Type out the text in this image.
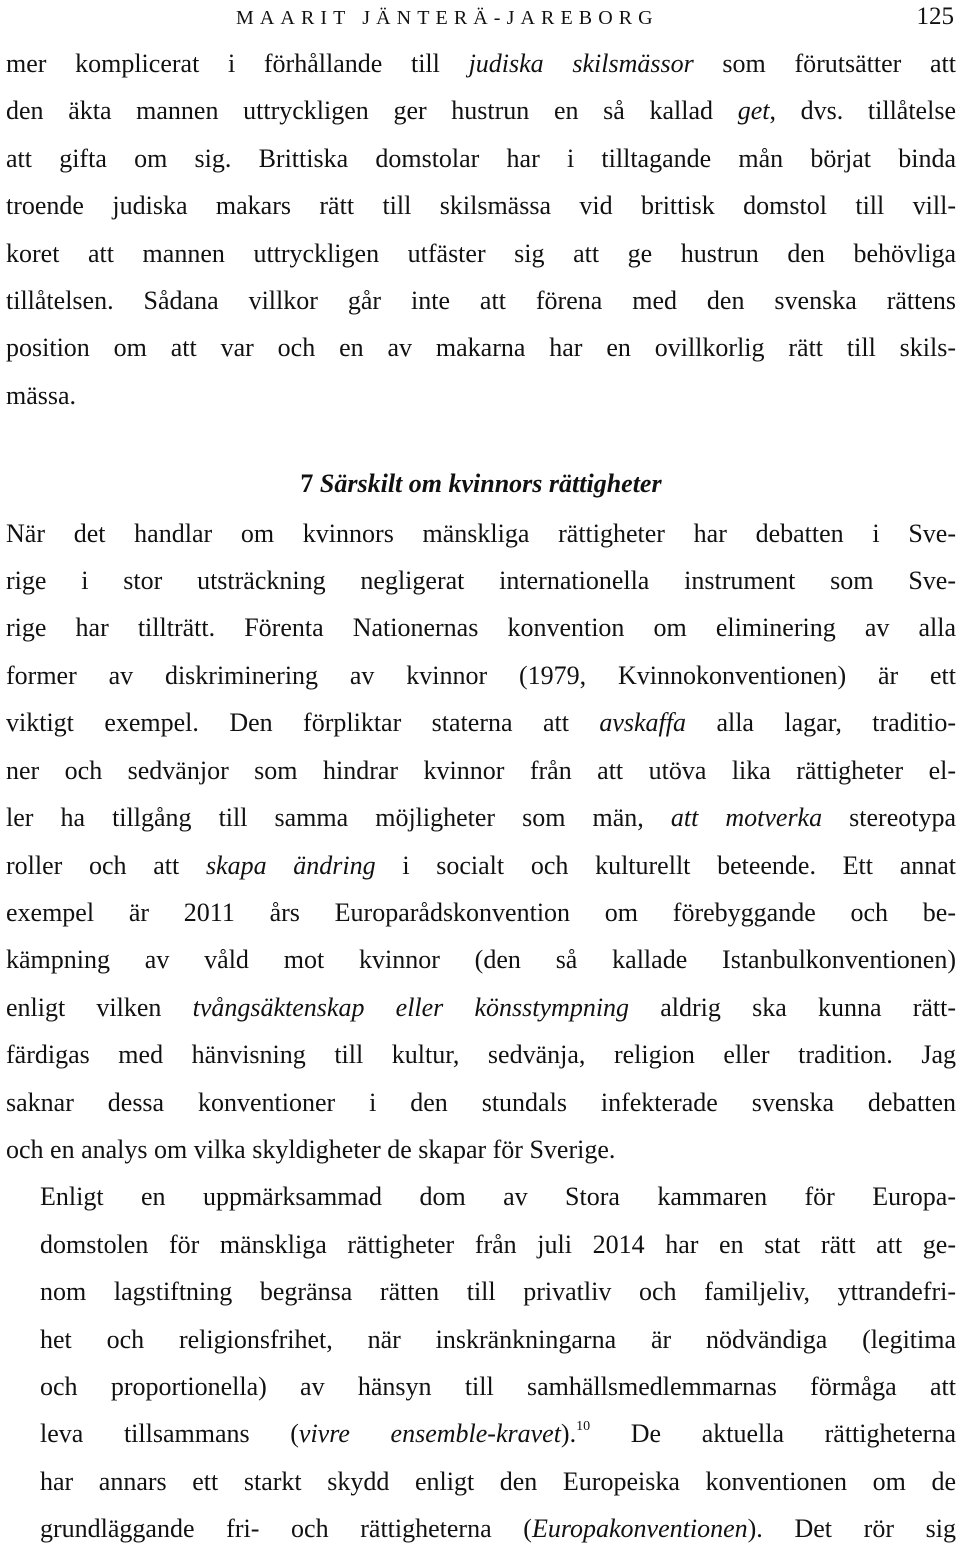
MAARIT JÄNTERÄ-JAREBORG	125

mer komplicerat i förhållande till judiska skilsmässor som förutsätter att
den äkta mannen uttryckligen ger hustrun en så kallad get, dvs. tillåtelse
att gifta om sig. Brittiska domstolar har i tilltagande mån börjat binda
troende judiska makars rätt till skilsmässa vid brittisk domstol till vill-
koret att mannen uttryckligen utfäster sig att ge hustrun den behövliga
tillåtelsen. Sådana villkor går inte att förena med den svenska rättens
position om att var och en av makarna har en ovillkorlig rätt till skils-
mässa.

7 Särskilt om kvinnors rättigheter

När det handlar om kvinnors mänskliga rättigheter har debatten i Sve-
rige i stor utsträckning negligerat internationella instrument som Sve-
rige har tillträtt. Förenta Nationernas konvention om eliminering av alla
former av diskriminering av kvinnor (1979, Kvinnokonventionen) är ett
viktigt exempel. Den förpliktar staterna att avskaffa alla lagar, traditio-
ner och sedvänjor som hindrar kvinnor från att utöva lika rättigheter el-
ler ha tillgång till samma möjligheter som män, att motverka stereotypa
roller och att skapa ändring i socialt och kulturellt beteende. Ett annat
exempel är 2011 års Europarådskonvention om förebyggande och be-
kämpning av våld mot kvinnor (den så kallade Istanbulkonventionen)
enligt vilken tvångsäktenskap eller könsstympning aldrig ska kunna rätt-
färdigas med hänvisning till kultur, sedvänja, religion eller tradition. Jag
saknar dessa konventioner i den stundals infekterade svenska debatten
och en analys om vilka skyldigheter de skapar för Sverige.

Enligt en uppmärksammad dom av Stora kammaren för Europa-
domstolen för mänskliga rättigheter från juli 2014 har en stat rätt att ge-
nom lagstiftning begränsa rätten till privatliv och familjeliv, yttrandefri-
het och religionsfrihet, när inskränkningarna är nödvändiga (legitima
och proportionella) av hänsyn till samhällsmedlemmarnas förmåga att
leva tillsammans (vivre ensemble-kravet).$^{10}$ De aktuella rättigheterna
har annars ett starkt skydd enligt den Europeiska konventionen om de
grundläggande fri- och rättigheterna (Europakonventionen). Det rör sig
